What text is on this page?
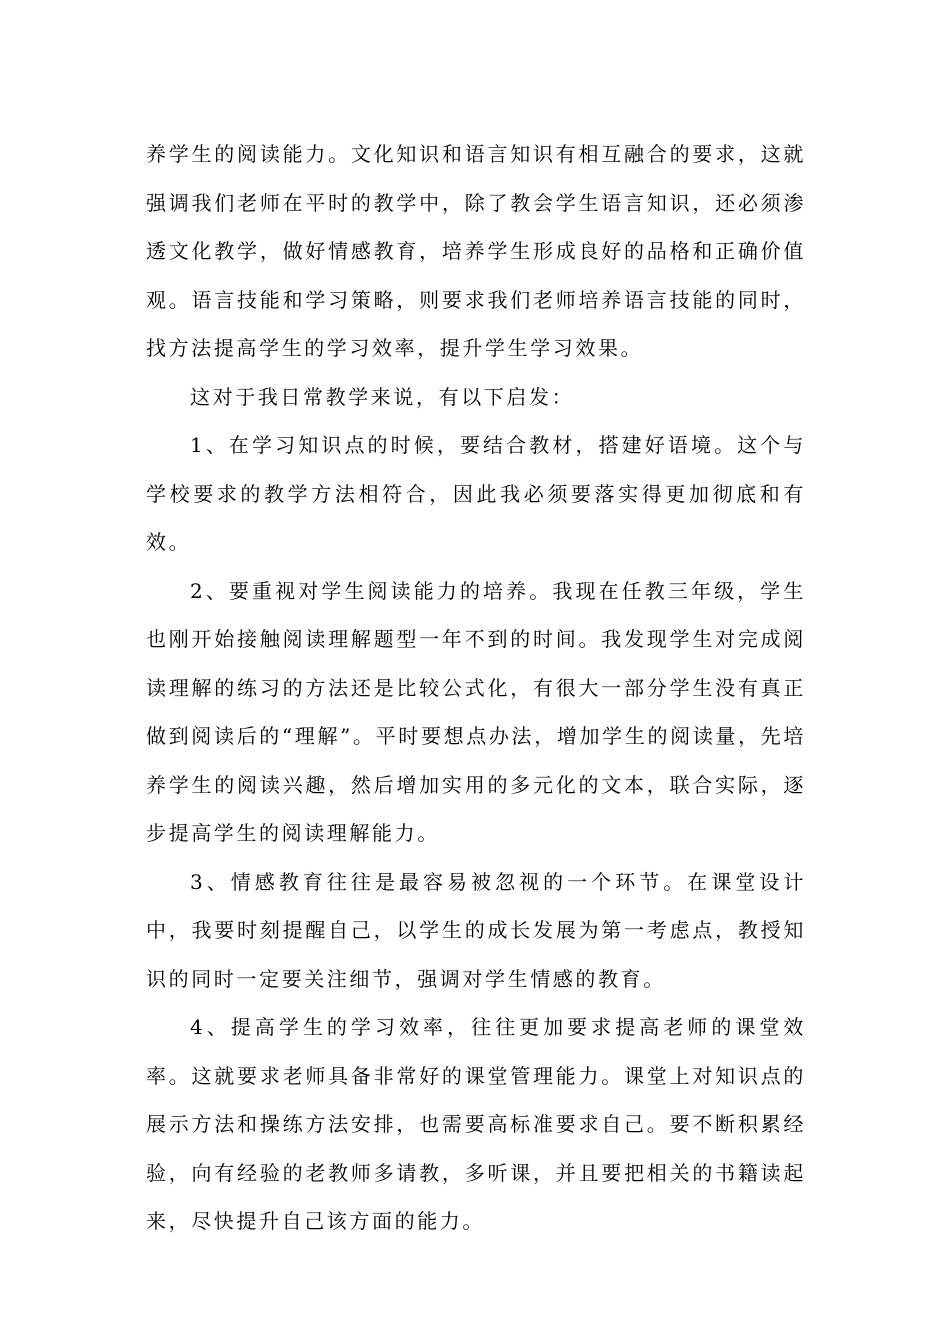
养学生的阅读能力。文化知识和语言知识有相互融合的要求，这就强调我们老师在平时的教学中，除了教会学生语言知识，还必须渗透文化教学，做好情感教育，培养学生形成良好的品格和正确价值观。语言技能和学习策略，则要求我们老师培养语言技能的同时，找方法提高学生的学习效率，提升学生学习效果。

这对于我日常教学来说，有以下启发：

1、在学习知识点的时候，要结合教材，搭建好语境。这个与学校要求的教学方法相符合，因此我必须要落实得更加彻底和有效。

2、要重视对学生阅读能力的培养。我现在任教三年级，学生也刚开始接触阅读理解题型一年不到的时间。我发现学生对完成阅读理解的练习的方法还是比较公式化，有很大一部分学生没有真正做到阅读后的“理解”。平时要想点办法，增加学生的阅读量，先培养学生的阅读兴趣，然后增加实用的多元化的文本，联合实际，逐步提高学生的阅读理解能力。

3、情感教育往往是最容易被忽视的一个环节。在课堂设计中，我要时刻提醒自己，以学生的成长发展为第一考虑点，教授知识的同时一定要关注细节，强调对学生情感的教育。

4、提高学生的学习效率，往往更加要求提高老师的课堂效率。这就要求老师具备非常好的课堂管理能力。课堂上对知识点的展示方法和操练方法安排，也需要高标准要求自己。要不断积累经验，向有经验的老教师多请教，多听课，并且要把相关的书籍读起来，尽快提升自己该方面的能力。
